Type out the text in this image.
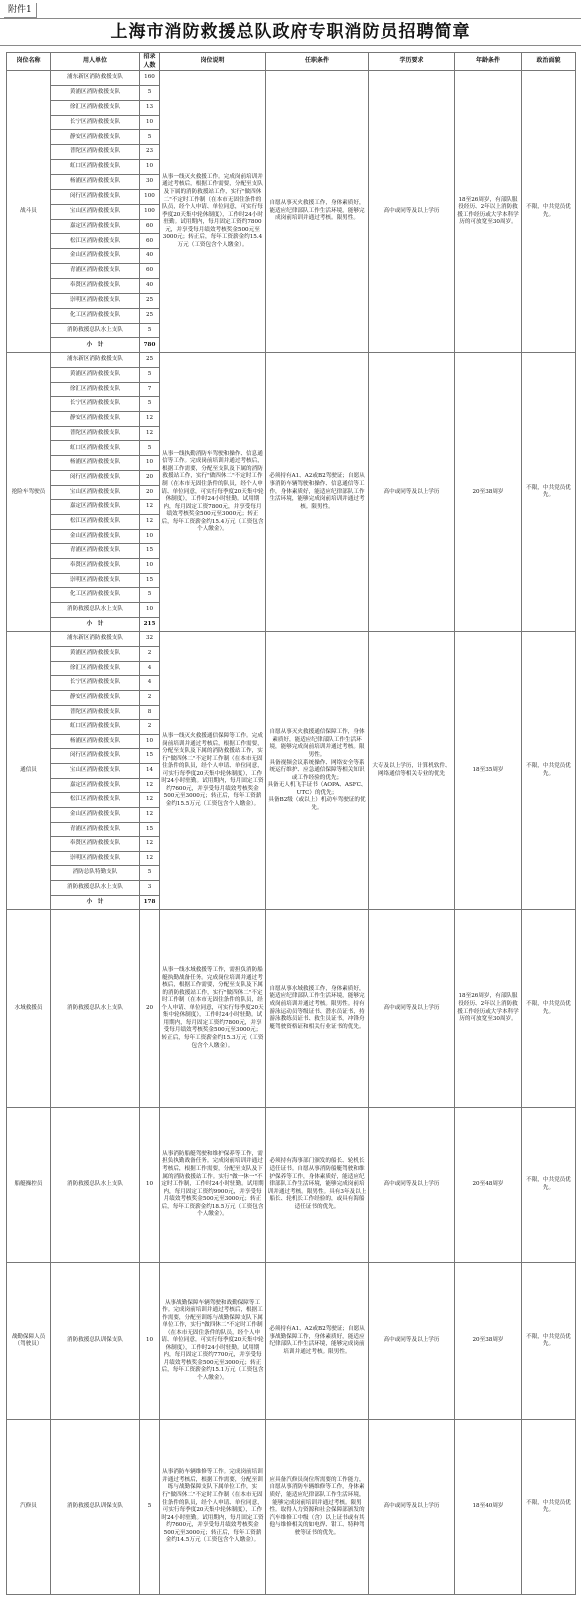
附件1
上海市消防救援总队政府专职消防员招聘简章
岗位名称	用人单位	招录人数	岗位说明	任职条件	学历要求	年龄条件	政治面貌
战斗员	浦东新区消防救援支队	160	从事一线灭火救援工作。完成岗前培训并通过考核后，根据工作需要，分配至支队及下属的消防救援站工作，实行"做四休二"不定时工作制（在本市无固住条件的队员，经个人申请、单位同意，可实行每季度20天集中轮休制度），工作时24小时驻勤。试用期内，每月固定工资约7800元，并享受每月绩效考核奖金500元至3000元；转正后，每年工资薪金约15.4万元（工资包含个人缴金）。	自愿从事灭火救援工作，身体素质好，能适应纪律部队工作生活环境，能够完成岗前培训并通过考核。限男性。	高中或同等及以上学历	18至26周岁，有部队服役经历、2年以上消防救援工作经历或大学本科学历的可放宽至30周岁。	不限，中共党员优先。
	黄浦区消防救援支队	5					
	徐汇区消防救援支队	13					
	长宁区消防救援支队	10					
	静安区消防救援支队	5					
	普陀区消防救援支队	23					
	虹口区消防救援支队	10					
	杨浦区消防救援支队	30					
	闵行区消防救援支队	100					
	宝山区消防救援支队	100					
	嘉定区消防救援支队	60					
	松江区消防救援支队	60					
	金山区消防救援支队	40					
	青浦区消防救援支队	60					
	奉贤区消防救援支队	40					
	崇明区消防救援支队	25					
	化工区消防救援支队	25					
	消防救援总队水上支队	5					
	小　计	780					
抢险车驾驶员	浦东新区消防救援支队	25	从事一线执勤消防车驾驶和操作、信息通信等工作。完成岗前培训并通过考核后，根据工作需要，分配至支队及下属的消防救援站工作，实行"做四休二"不定时工作制（在本市无固住条件的队员，经个人申请、单位同意，可实行每季度20天集中轮休制度），工作时24小时驻勤。试用期内，每月固定工资7800元，并享受每月绩效考核奖金500元至3000元；转正后，每年工资薪金约15.4万元（工资包含个人缴金）。	必须持有A1、A2或B2驾驶证；自愿从事消防车辆驾驶和操作、信息通信等工作，身体素质好，能适应纪律部队工作生活环境，能够完成岗前培训并通过考核。限男性。	高中或同等及以上学历	20至38周岁	不限，中共党员优先。
	黄浦区消防救援支队	5					
	徐汇区消防救援支队	7					
	长宁区消防救援支队	5					
	静安区消防救援支队	12					
	普陀区消防救援支队	12					
	虹口区消防救援支队	5					
	杨浦区消防救援支队	10					
	闵行区消防救援支队	20					
	宝山区消防救援支队	20					
	嘉定区消防救援支队	12					
	松江区消防救援支队	12					
	金山区消防救援支队	10					
	青浦区消防救援支队	15					
	奉贤区消防救援支队	10					
	崇明区消防救援支队	15					
	化工区消防救援支队	5					
	消防救援总队水上支队	10					
	小　计	215					
通信员	浦东新区消防救援支队	32	从事一线灭火救援通信保障等工作。完成岗前培训并通过考核后，根据工作需要，分配至支队及下属的消防救援站工作，实行"做四休二"不定时工作制（在本市无固住条件的队员，经个人申请、单位同意，可实行每季度20天集中轮休制度），工作时24小时驻勤。试用期内，每月固定工资约7600元，并享受每月绩效考核奖金500元至3000元；转正后，每年工资薪金约15.5万元（工资包含个人缴金）。	自愿从事灭火救援通信保障工作，身体素质好，能适应纪律部队工作生活环境，能够完成岗前培训并通过考核。限男性。
具备视频会议系统操作、网络安全等系统运行维护、应急通信保障等相关知识或工作经验的优先；
具备无人机飞手证书（AOPA、ASFC、UTC）的优先；
具备B2级（或以上）机动车驾驶证的优先。	大专及以上学历，计算机软件、网络通信等相关专业的优先	18至35周岁	不限，中共党员优先。
	黄浦区消防救援支队	2					
	徐汇区消防救援支队	4					
	长宁区消防救援支队	4					
	静安区消防救援支队	2					
	普陀区消防救援支队	8					
	虹口区消防救援支队	2					
	杨浦区消防救援支队	10					
	闵行区消防救援支队	15					
	宝山区消防救援支队	14					
	嘉定区消防救援支队	12					
	松江区消防救援支队	12					
	金山区消防救援支队	12					
	青浦区消防救援支队	15					
	奉贤区消防救援支队	12					
	崇明区消防救援支队	12					
	消防总队特勤支队	5					
	消防救援总队水上支队	3					
	小　计	178					
水域救援员	消防救援总队水上支队	20	从事一线水域救援等工作，需担负消防船艇执勤战备任务。完成岗位培训并通过考核后，根据工作需要，分配至支队及下属的消防救援站工作，实行"做四休二"不定时工作制（在本市无固住条件的队员，经个人申请、单位同意，可实行每季度20天集中轮休制度），工作时24小时驻勤。试用期内，每月固定工资约7800元，并享受每月绩效考核奖金500元至3000元；转正后，每年工资薪金约15.3万元（工资包含个人缴金）。	自愿从事水域救援工作，身体素质好，能适应纪律部队工作生活环境，能够完成岗前培训并通过考核。限男性。持有游泳运动员等级证书、潜水员证书，持游泳教练员证书、救生员证书，冲锋舟艇驾驶资格证和相关行业证书的优先。	高中或同等及以上学历	18至26周岁，有部队服役经历、2年以上消防救援工作经历或大学本科学历的可放宽至30周岁。	不限，中共党员优先。
船艇操控员	消防救援总队水上支队	10	从事消防船艇驾驶和维护保养等工作，需担负执勤战备任务。完成岗前培训并通过考核后，根据工作需要，分配至支队及下属的消防救援站工作。实行"做一休一"不定时工作制，工作时24小时驻勤。试用期内，每月固定工资约9900元，并享受每月绩效考核奖金500元至3000元；转正后，每年工资薪金约18.5万元（工资包含个人缴金）。	必须持有海事部门颁发的船长、轮机长适任证书。自愿从事消防船艇驾驶和维护保养等工作，身体素质好，能适应纪律部队工作生活环境，能够完成岗前培训并通过考核。限男性。具有3年及以上船长、轮机长工作经验的，或具有海船适任证书的优先。	高中或同等及以上学历	20至48周岁	不限，中共党员优先。
战勤保障人员（驾驶员）	消防救援总队训保支队	10	从事战勤保障车辆驾驶和战勤保障等工作。完成岗前培训并通过考核后，根据工作需要，分配至训练与战勤保障支队下属单位工作，实行"做四休二"不定时工作制（在本市无固住条件的队员，经个人申请、单位同意，可实行每季度20天集中轮休制度），工作时24小时驻勤。试用期内，每月固定工资约7700元，并享受每月绩效考核奖金500元至3000元；转正后，每年工资薪金约15.1万元（工资包含个人缴金）。	必须持有A1、A2或B2驾驶证；自愿从事战勤保障工作，身体素质好，能适应纪律部队工作生活环境，能够完成岗前培训并通过考核。限男性。	高中或同等及以上学历	20至38周岁	不限，中共党员优先。
汽修员	消防救援总队训保支队	5	从事消防车辆维修等工作。完成岗前培训并通过考核后，根据工作需要，分配至训练与战勤保障支队下属单位工作，实行"做四休二"不定时工作制（在本市无固住条件的队员，经个人申请、单位同意，可实行每季度20天集中轮休制度），工作时24小时驻勤。试用期内，每月固定工资约7600元，并享受每月绩效考核奖金500元至3000元；转正后，每年工资薪金约14.5万元（工资包含个人缴金）。	应具备汽修员岗位所需要的工作能力，自愿从事消防车辆维修等工作，身体素质好，能适应纪律部队工作生活环境，能够完成岗前培训并通过考核。限男性。取得人力资源和社会保障部颁发的汽车维修工中级（含）以上证书或有其他与维修相关的如电焊、钳工、特种驾驶等证书的优先。	高中或同等及以上学历	18至40周岁	不限，中共党员优先。
